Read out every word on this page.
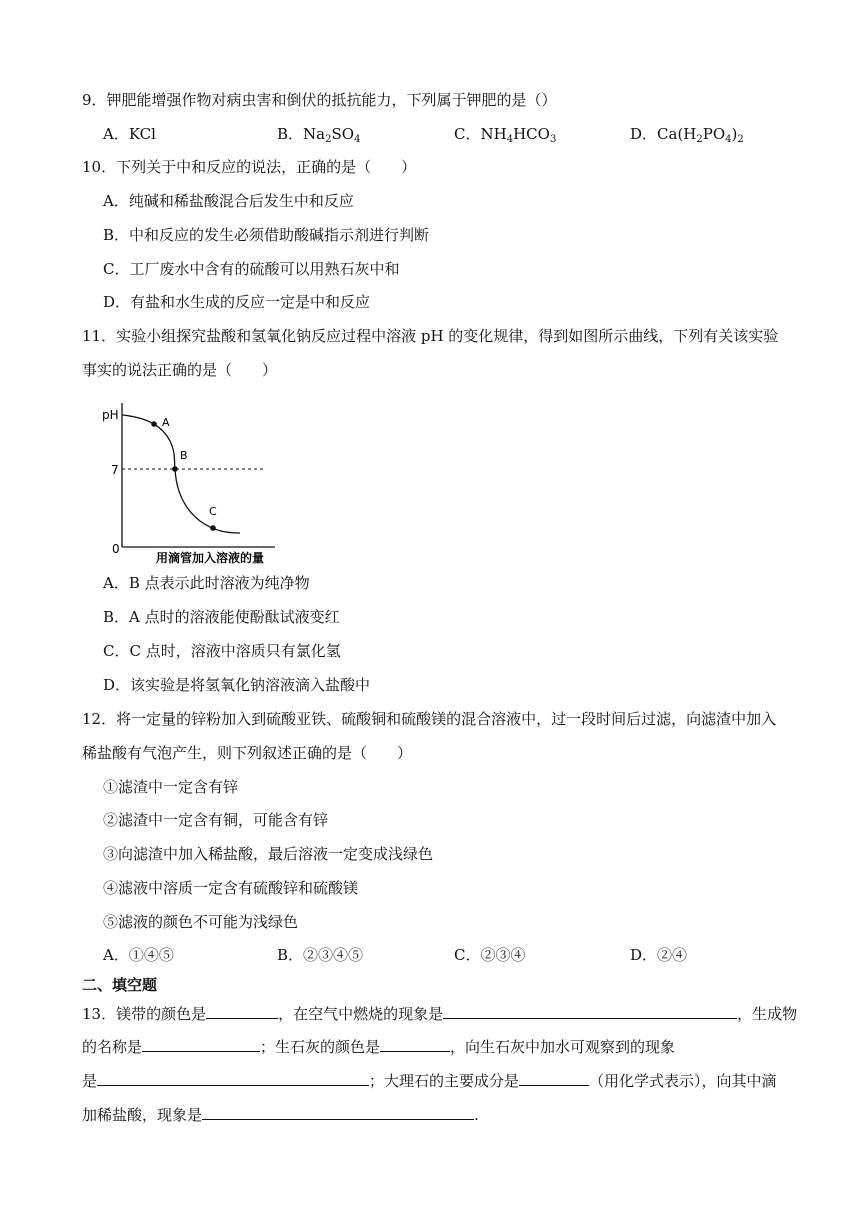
9．钾肥能增强作物对病虫害和倒伏的抵抗能力，下列属于钾肥的是（）
A．KCl	B．$Na_2SO_4$	C．$NH_4HCO_3$	D．$Ca(H_2PO_4)_2$
10．下列关于中和反应的说法，正确的是（　　）
A．纯碱和稀盐酸混合后发生中和反应
B．中和反应的发生必须借助酸碱指示剂进行判断
C．工厂废水中含有的硫酸可以用熟石灰中和
D．有盐和水生成的反应一定是中和反应
11．实验小组探究盐酸和氢氧化钠反应过程中溶液 pH 的变化规律，得到如图所示曲线，下列有关该实验
事实的说法正确的是（　　）
pH
7
0
A
B
C
用滴管加入溶液的量
A．B 点表示此时溶液为纯净物
B．A 点时的溶液能使酚酞试液变红
C．C 点时，溶液中溶质只有氯化氢
D．该实验是将氢氧化钠溶液滴入盐酸中
12．将一定量的锌粉加入到硫酸亚铁、硫酸铜和硫酸镁的混合溶液中，过一段时间后过滤，向滤渣中加入
稀盐酸有气泡产生，则下列叙述正确的是（　　）
①滤渣中一定含有锌
②滤渣中一定含有铜，可能含有锌
③向滤渣中加入稀盐酸，最后溶液一定变成浅绿色
④滤液中溶质一定含有硫酸锌和硫酸镁
⑤滤液的颜色不可能为浅绿色
A．①④⑤	B．②③④⑤	C．②③④	D．②④
二、填空题
13．镁带的颜色是	，在空气中燃烧的现象是	，生成物
的名称是	；生石灰的颜色是	，向生石灰中加水可观察到的现象
是	；大理石的主要成分是	（用化学式表示），向其中滴
加稀盐酸，现象是	.
